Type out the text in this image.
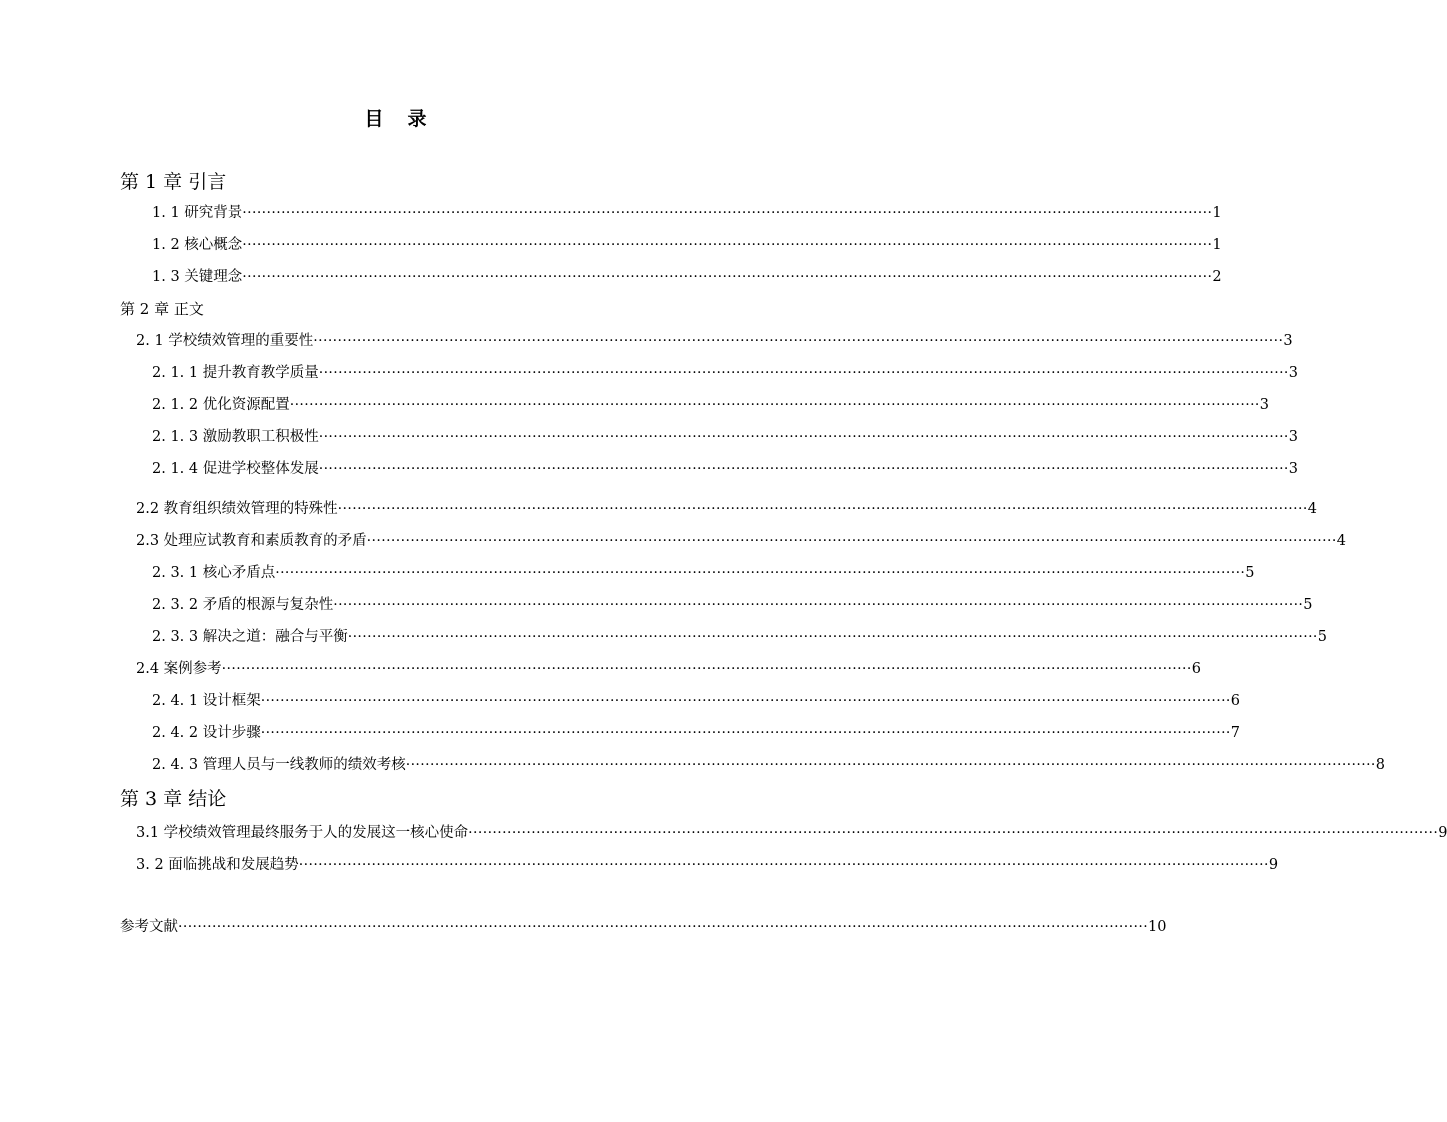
目 录
第 1 章 引言
1. 1 研究背景 ········································································································································································································ 1
1. 2 核心概念 ········································································································································································································ 1
1. 3 关键理念 ········································································································································································································ 2
第 2 章 正文
2. 1 学校绩效管理的重要性 ········································································································································································································ 3
2. 1. 1 提升教育教学质量 ········································································································································································································ 3
2. 1. 2 优化资源配置 ········································································································································································································ 3
2. 1. 3 激励教职工积极性 ········································································································································································································ 3
2. 1. 4 促进学校整体发展 ········································································································································································································ 3
2.2 教育组织绩效管理的特殊性 ········································································································································································································ 4
2.3 处理应试教育和素质教育的矛盾 ········································································································································································································ 4
2. 3. 1 核心矛盾点 ········································································································································································································ 5
2. 3. 2 矛盾的根源与复杂性 ········································································································································································································ 5
2. 3. 3 解决之道：融合与平衡 ········································································································································································································ 5
2.4 案例参考 ········································································································································································································ 6
2. 4. 1 设计框架 ········································································································································································································ 6
2. 4. 2 设计步骤 ········································································································································································································ 7
2. 4. 3 管理人员与一线教师的绩效考核 ········································································································································································································ 8
第 3 章 结论
3.1 学校绩效管理最终服务于人的发展这一核心使命 ········································································································································································································ 9
3. 2 面临挑战和发展趋势 ········································································································································································································ 9
参考文献 ········································································································································································································ 10
